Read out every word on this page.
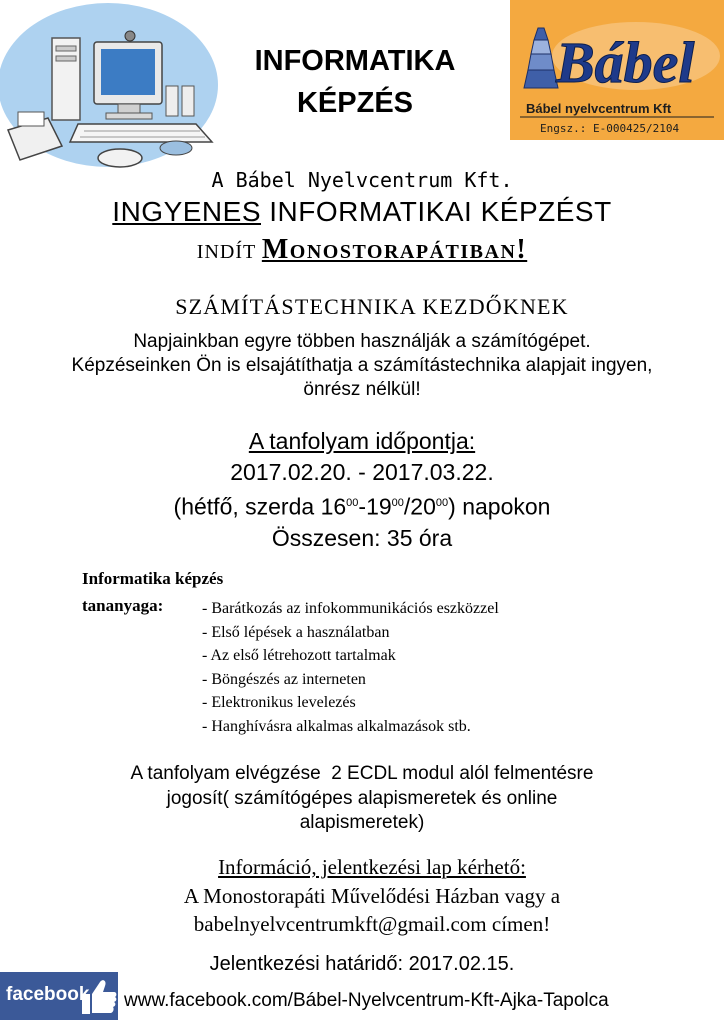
INFORMATIKA
KÉPZÉS
Bábel
Bábel nyelvcentrum Kft
Engsz.: E-000425/2104
A Bábel Nyelvcentrum Kft.
INGYENES INFORMATIKAI KÉPZÉST
INDÍT Monostorapátiban!
SZÁMÍTÁSTECHNIKA KEZDŐKNEK
Napjainkban egyre többen használják a számítógépet.
Képzéseinken Ön is elsajátíthatja a számítástechnika alapjait ingyen,
önrész nélkül!
A tanfolyam időpontja:
2017.02.20. - 2017.03.22.
(hétfő, szerda $16^{00}-19^{00}/20^{00}$) napokon
Összesen: 35 óra
Informatika képzés
tananyaga: - Barátkozás az infokommunikációs eszközzel
- Első lépések a használatban
- Az első létrehozott tartalmak
- Böngészés az interneten
- Elektronikus levelezés
- Hanghívásra alkalmas alkalmazások stb.
A tanfolyam elvégzése  2 ECDL modul alól felmentésre
jogosít( számítógépes alapismeretek és online
alapismeretek)
Információ, jelentkezési lap kérhető:
A Monostorapáti Művelődési Házban vagy a
babelnyelvcentrumkft@gmail.com címen!
Jelentkezési határidő: 2017.02.15.
facebook www.facebook.com/Bábel-Nyelvcentrum-Kft-Ajka-Tapolca
